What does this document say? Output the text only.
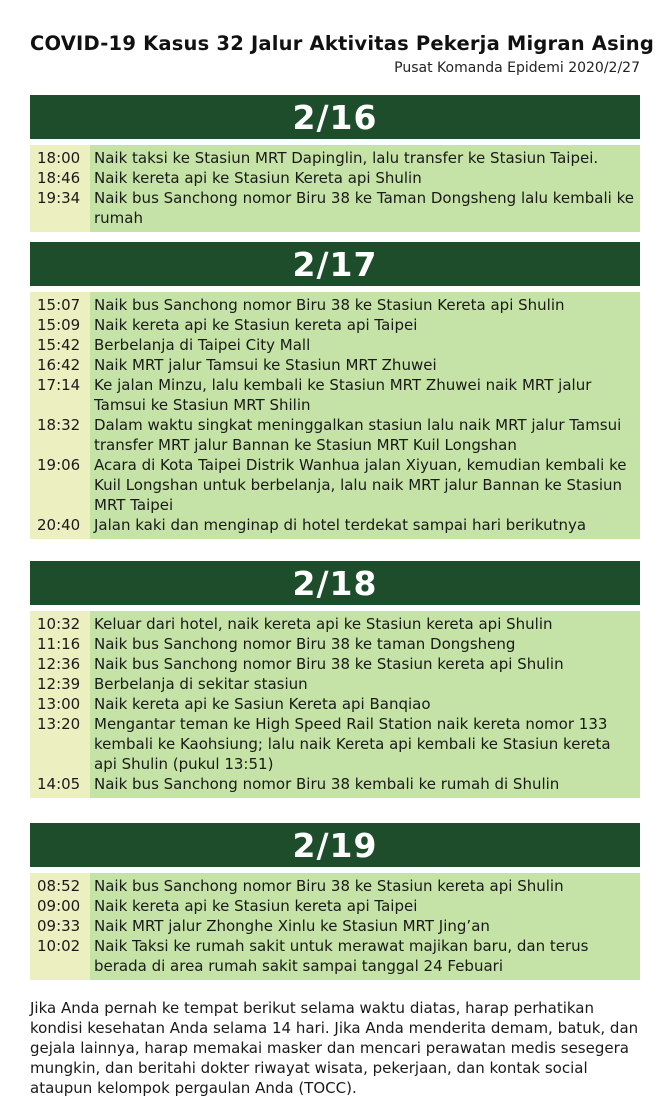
COVID-19 Kasus 32 Jalur Aktivitas Pekerja Migran Asing
Pusat Komanda Epidemi 2020/2/27
2/16
18:00 Naik taksi ke Stasiun MRT Dapinglin, lalu transfer ke Stasiun Taipei.
18:46 Naik kereta api ke Stasiun Kereta api Shulin
19:34 Naik bus Sanchong nomor Biru 38 ke Taman Dongsheng lalu kembali ke rumah
2/17
15:07 Naik bus Sanchong nomor Biru 38 ke Stasiun Kereta api Shulin
15:09 Naik kereta api ke Stasiun kereta api Taipei
15:42 Berbelanja di Taipei City Mall
16:42 Naik MRT jalur Tamsui ke Stasiun MRT Zhuwei
17:14 Ke jalan Minzu, lalu kembali ke Stasiun MRT Zhuwei naik MRT jalur Tamsui ke Stasiun MRT Shilin
18:32 Dalam waktu singkat meninggalkan stasiun lalu naik MRT jalur Tamsui transfer MRT jalur Bannan ke Stasiun MRT Kuil Longshan
19:06 Acara di Kota Taipei Distrik Wanhua jalan Xiyuan, kemudian kembali ke Kuil Longshan untuk berbelanja, lalu naik MRT jalur Bannan ke Stasiun MRT Taipei
20:40 Jalan kaki dan menginap di hotel terdekat sampai hari berikutnya
2/18
10:32 Keluar dari hotel, naik kereta api ke Stasiun kereta api Shulin
11:16 Naik bus Sanchong nomor Biru 38 ke taman Dongsheng
12:36 Naik bus Sanchong nomor Biru 38 ke Stasiun kereta api Shulin
12:39 Berbelanja di sekitar stasiun
13:00 Naik kereta api ke Sasiun Kereta api Banqiao
13:20 Mengantar teman ke High Speed Rail Station naik kereta nomor 133 kembali ke Kaohsiung; lalu naik Kereta api kembali ke Stasiun kereta api Shulin (pukul 13:51)
14:05 Naik bus Sanchong nomor Biru 38 kembali ke rumah di Shulin
2/19
08:52 Naik bus Sanchong nomor Biru 38 ke Stasiun kereta api Shulin
09:00 Naik kereta api ke Stasiun kereta api Taipei
09:33 Naik MRT jalur Zhonghe Xinlu ke Stasiun MRT Jing’an
10:02 Naik Taksi ke rumah sakit untuk merawat majikan baru, dan terus berada di area rumah sakit sampai tanggal 24 Febuari
Jika Anda pernah ke tempat berikut selama waktu diatas, harap perhatikan kondisi kesehatan Anda selama 14 hari. Jika Anda menderita demam, batuk, dan gejala lainnya, harap memakai masker dan mencari perawatan medis sesegera mungkin, dan beritahi dokter riwayat wisata, pekerjaan, dan kontak social ataupun kelompok pergaulan Anda (TOCC).
